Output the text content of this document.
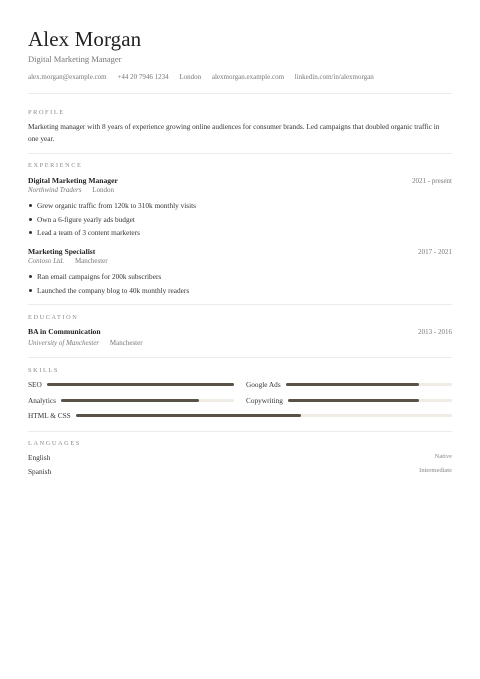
Alex Morgan
Digital Marketing Manager
alex.morgan@example.com +44 20 7946 1234 London alexmorgan.example.com linkedin.com/in/alexmorgan
PROFILE

Marketing manager with 8 years of experience growing online audiences for consumer brands. Led campaigns that doubled organic traffic in one year.

EXPERIENCE
Digital Marketing Manager	2021 - present
Northwind Traders London
Grew organic traffic from 120k to 310k monthly visits
Own a 6-figure yearly ads budget
Lead a team of 3 content marketers
Marketing Specialist	2017 - 2021
Contoso Ltd. Manchester
Ran email campaigns for 200k subscribers
Launched the company blog to 40k monthly readers
EDUCATION
BA in Communication	2013 - 2016
University of Manchester Manchester
SKILLS
SEO	Google Ads
Analytics	Copywriting
HTML & CSS
LANGUAGES
English	Native
Spanish	Intermediate
